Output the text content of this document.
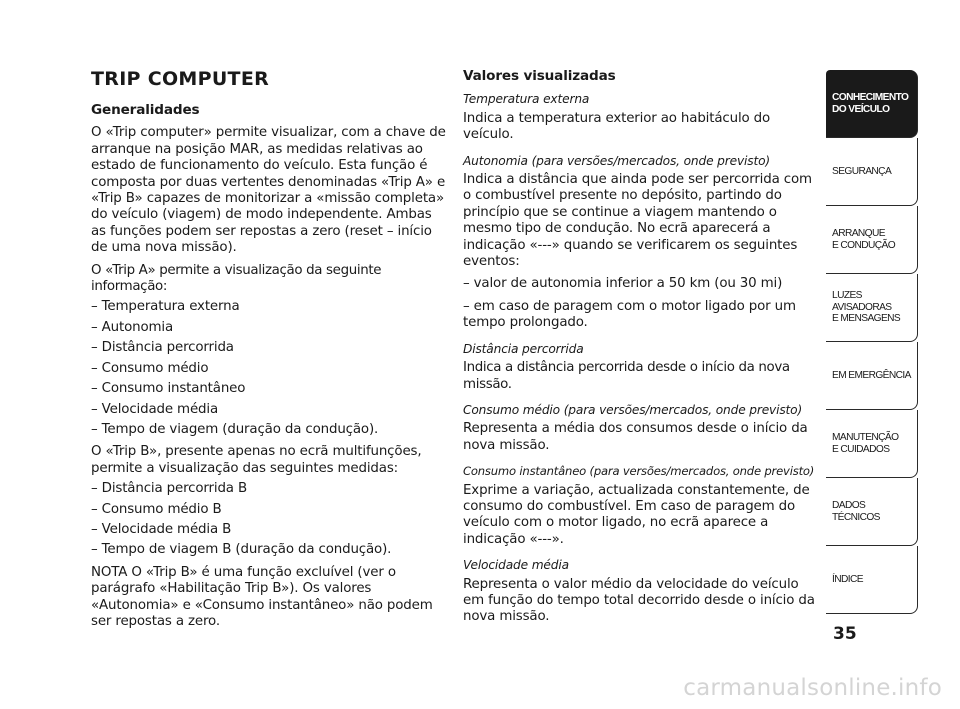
TRIP COMPUTER
Generalidades

O «Trip computer» permite visualizar, com a chave de arranque na posição MAR, as medidas relativas ao estado de funcionamento do veículo. Esta função é composta por duas vertentes denominadas «Trip A» e «Trip B» capazes de monitorizar a «missão completa» do veículo (viagem) de modo independente. Ambas as funções podem ser repostas a zero (reset – início de uma nova missão).

O «Trip A» permite a visualização da seguinte informação:

– Temperatura externa
– Autonomia
– Distância percorrida
– Consumo médio
– Consumo instantâneo
– Velocidade média

– Tempo de viagem (duração da condução).

O «Trip B», presente apenas no ecrã multifunções, permite a visualização das seguintes medidas:

– Distância percorrida B
– Consumo médio B
– Velocidade média B

– Tempo de viagem B (duração da condução).

NOTA O «Trip B» é uma função excluível (ver o parágrafo «Habilitação Trip B»). Os valores «Autonomia» e «Consumo instantâneo» não podem ser repostas a zero.

Valores visualizadas
Temperatura externa

Indica a temperatura exterior ao habitáculo do veículo.

Autonomia (para versões/mercados, onde previsto)

Indica a distância que ainda pode ser percorrida com o combustível presente no depósito, partindo do princípio que se continue a viagem mantendo o mesmo tipo de condução. No ecrã aparecerá a indicação «---» quando se verificarem os seguintes eventos:

– valor de autonomia inferior a 50 km (ou 30 mi)

– em caso de paragem com o motor ligado por um tempo prolongado.

Distância percorrida

Indica a distância percorrida desde o início da nova missão.

Consumo médio (para versões/mercados, onde previsto)

Representa a média dos consumos desde o início da nova missão.

Consumo instantâneo (para versões/mercados, onde previsto)

Exprime a variação, actualizada constantemente, de consumo do combustível. Em caso de paragem do veículo com o motor ligado, no ecrã aparece a indicação «---».

Velocidade média

Representa o valor médio da velocidade do veículo em função do tempo total decorrido desde o início da nova missão.

CONHECIMENTO
DO VEÍCULO
SEGURANÇA
ARRANQUE
E CONDUÇÃO
LUZES
AVISADORAS
E MENSAGENS
EM EMERGÊNCIA
MANUTENÇÃO
E CUIDADOS
DADOS
TÉCNICOS
ÍNDICE
35
carmanualsonline.info
